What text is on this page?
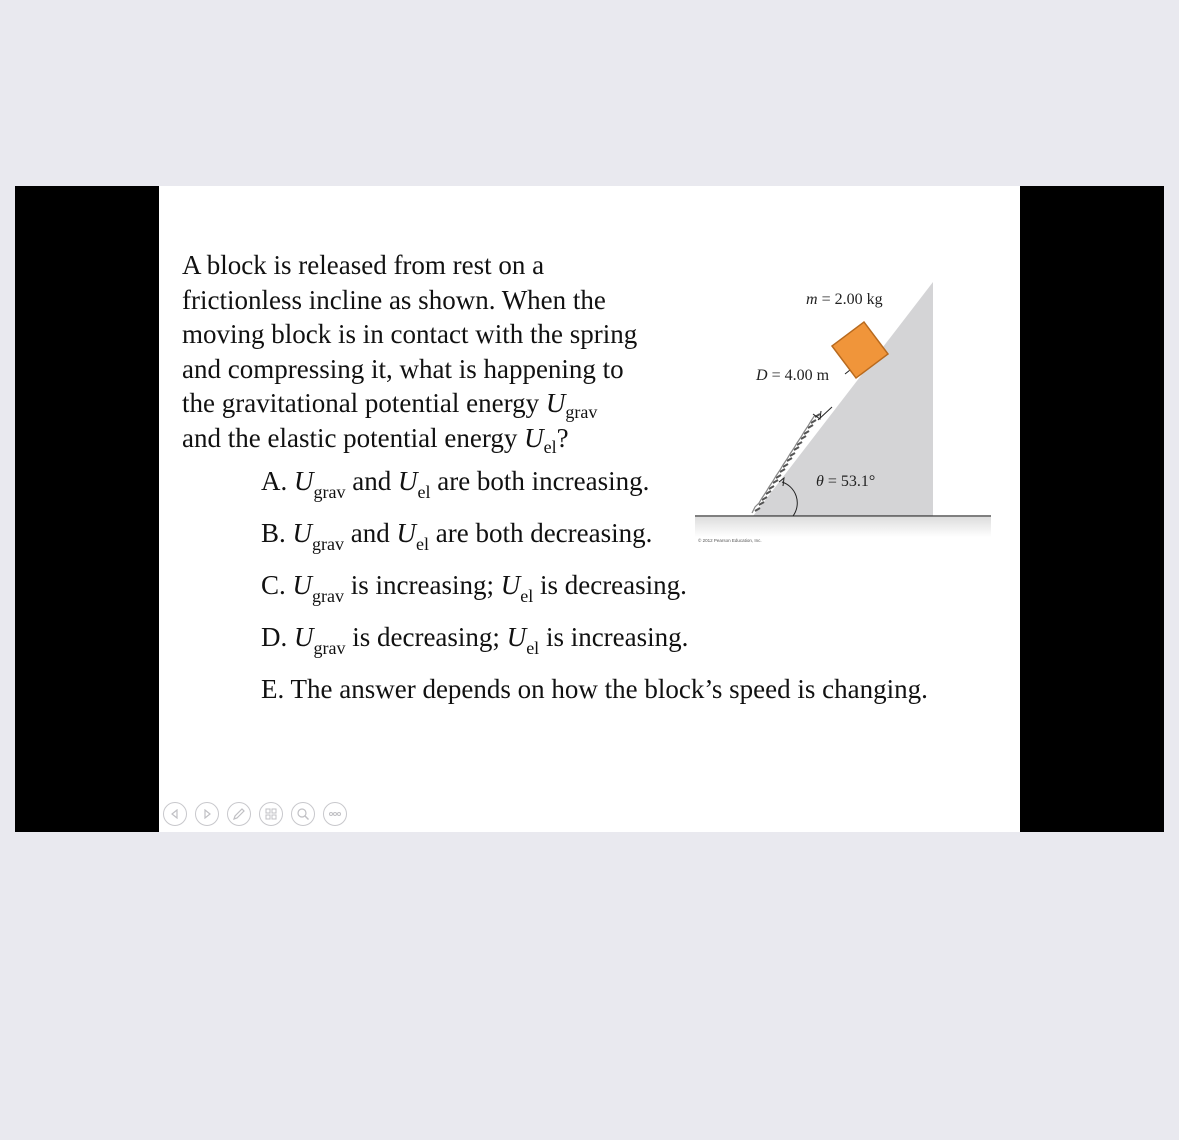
A block is released from rest on a
frictionless incline as shown. When the
moving block is in contact with the spring
and compressing it, what is happening to
the gravitational potential energy $U_{grav}$
and the elastic potential energy $U_{el}$?
A. $U_{grav}$ and $U_{el}$ are both increasing.
B. $U_{grav}$ and $U_{el}$ are both decreasing.
C. $U_{grav}$ is increasing; $U_{el}$ is decreasing.
D. $U_{grav}$ is decreasing; $U_{el}$ is increasing.
E. The answer depends on how the block’s speed is changing.
m = 2.00 kg
D = 4.00 m
θ = 53.1°
© 2012 Pearson Education, Inc.
